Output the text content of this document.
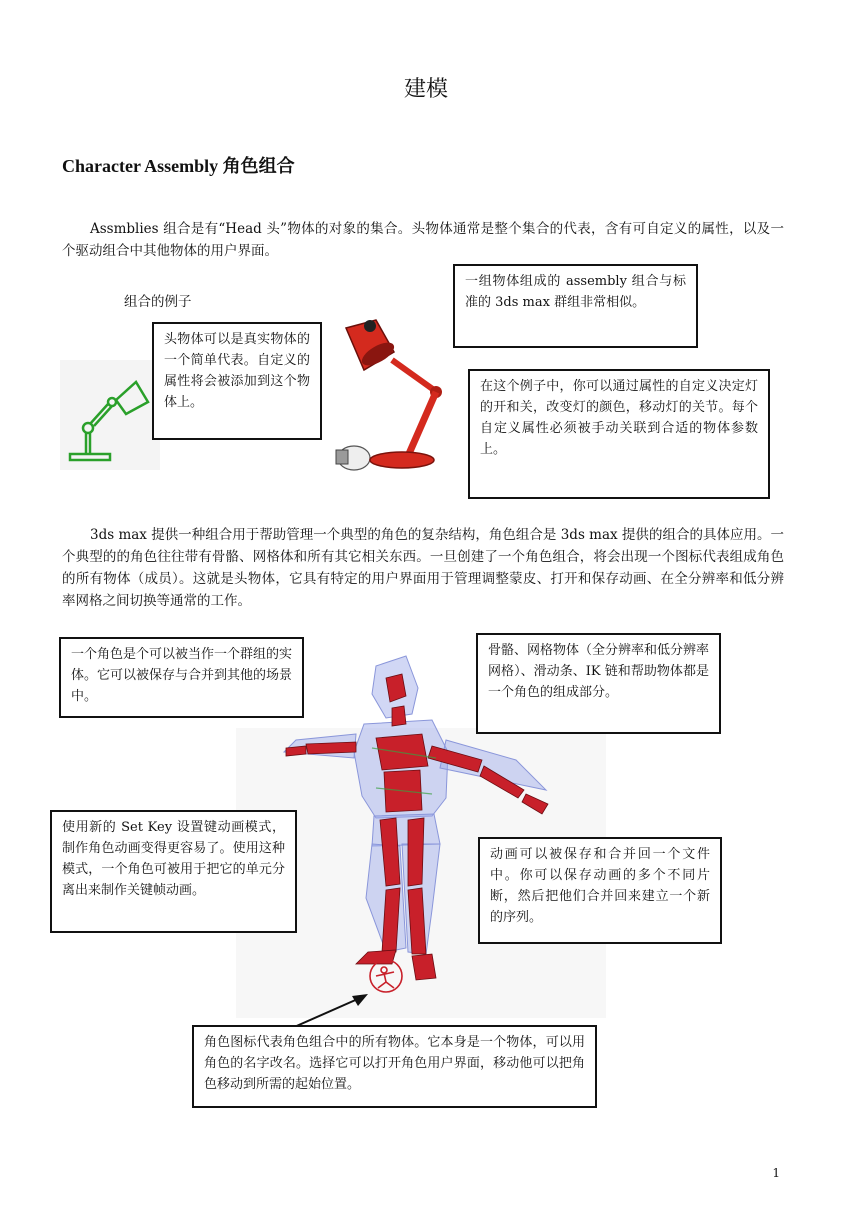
建模
Character Assembly 角色组合
Assmblies 组合是有“Head 头”物体的对象的集合。头物体通常是整个集合的代表，含有可自定义的属性，以及一个驱动组合中其他物体的用户界面。
组合的例子
一组物体组成的 assembly 组合与标准的 3ds max 群组非常相似。
头物体可以是真实物体的一个简单代表。自定义的属性将会被添加到这个物体上。
在这个例子中，你可以通过属性的自定义决定灯的开和关，改变灯的颜色，移动灯的关节。每个自定义属性必须被手动关联到合适的物体参数上。
3ds max 提供一种组合用于帮助管理一个典型的角色的复杂结构，角色组合是 3ds max 提供的组合的具体应用。一个典型的的角色往往带有骨骼、网格体和所有其它相关东西。一旦创建了一个角色组合，将会出现一个图标代表组成角色的所有物体（成员）。这就是头物体，它具有特定的用户界面用于管理调整蒙皮、打开和保存动画、在全分辨率和低分辨率网格之间切换等通常的工作。
一个角色是个可以被当作一个群组的实体。它可以被保存与合并到其他的场景中。
骨骼、网格物体（全分辨率和低分辨率网格）、滑动条、IK 链和帮助物体都是一个角色的组成部分。
使用新的 Set Key 设置键动画模式，制作角色动画变得更容易了。使用这种模式，一个角色可被用于把它的单元分离出来制作关键帧动画。
动画可以被保存和合并回一个文件中。你可以保存动画的多个不同片断，然后把他们合并回来建立一个新的序列。
角色图标代表角色组合中的所有物体。它本身是一个物体，可以用角色的名字改名。选择它可以打开角色用户界面，移动他可以把角色移动到所需的起始位置。
1
